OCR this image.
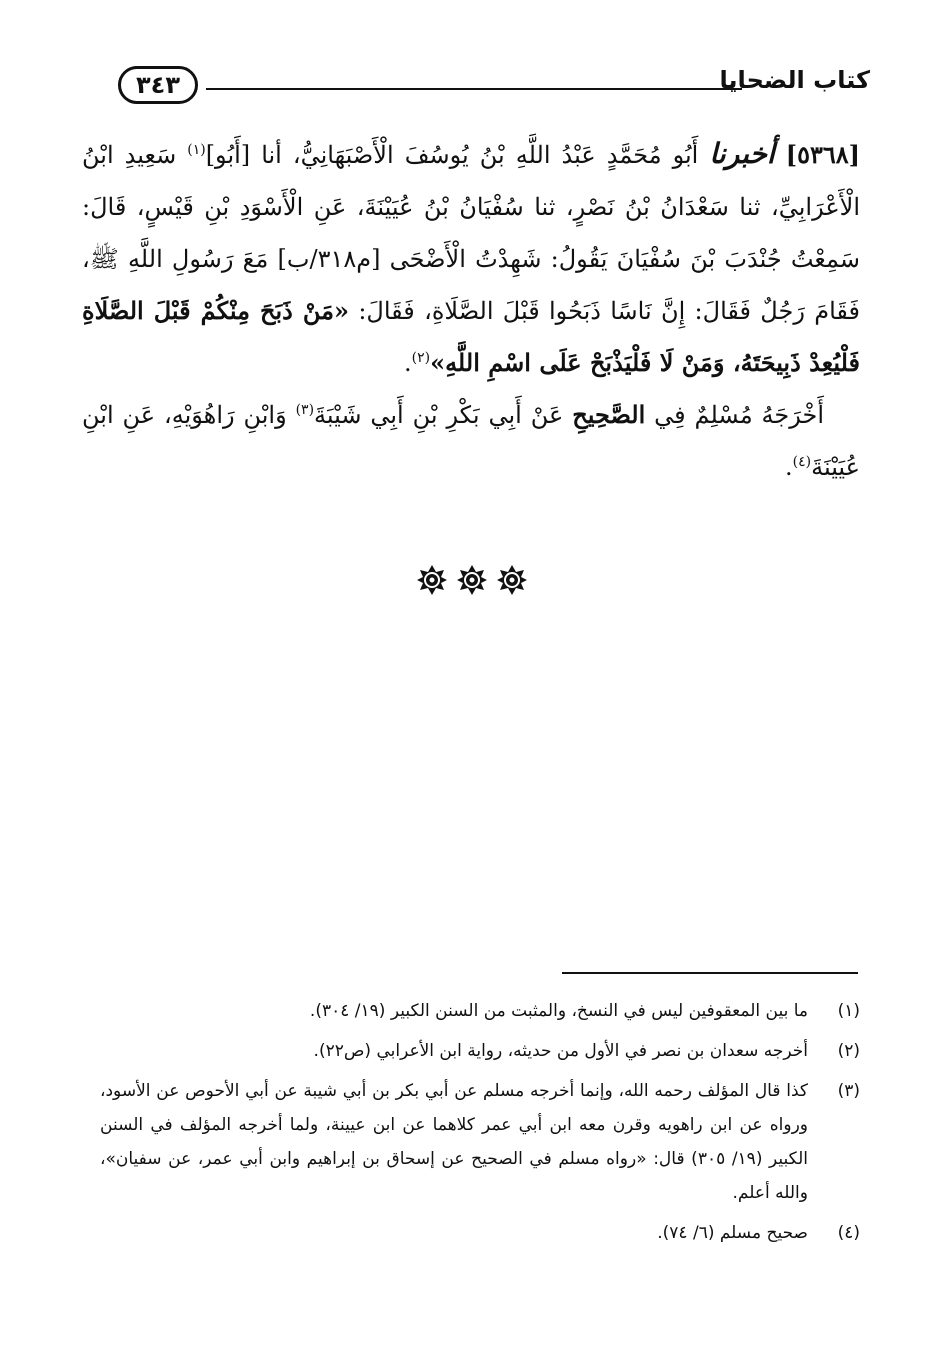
٣٤٣	كتاب الضحايا

[٥٣٦٨] أخبرنا أَبُو مُحَمَّدٍ عَبْدُ اللَّهِ بْنُ يُوسُفَ الْأَصْبَهَانِيُّ، أنا [أَبُو]$^{(١)}$ سَعِيدِ ابْنُ الْأَعْرَابِيِّ، ثنا سَعْدَانُ بْنُ نَصْرٍ، ثنا سُفْيَانُ بْنُ عُيَيْنَةَ، عَنِ الْأَسْوَدِ بْنِ قَيْسٍ، قَالَ: سَمِعْتُ جُنْدَبَ بْنَ سُفْيَانَ يَقُولُ: شَهِدْتُ الْأَضْحَى [م٣١٨/ب] مَعَ رَسُولِ اللَّهِ ﷺ، فَقَامَ رَجُلٌ فَقَالَ: إِنَّ نَاسًا ذَبَحُوا قَبْلَ الصَّلَاةِ، فَقَالَ: «مَنْ ذَبَحَ مِنْكُمْ قَبْلَ الصَّلَاةِ فَلْيُعِدْ ذَبِيحَتَهُ، وَمَنْ لَا فَلْيَذْبَحْ عَلَى اسْمِ اللَّهِ»$^{(٢)}$.

أَخْرَجَهُ مُسْلِمٌ فِي الصَّحِيحِ عَنْ أَبِي بَكْرِ بْنِ أَبِي شَيْبَةَ$^{(٣)}$ وَابْنِ رَاهُوَيْهِ، عَنِ ابْنِ عُيَيْنَةَ$^{(٤)}$.

(١)
ما بين المعقوفين ليس في النسخ، والمثبت من السنن الكبير (١٩/ ٣٠٤).
(٢)
أخرجه سعدان بن نصر في الأول من حديثه، رواية ابن الأعرابي (ص٢٢).
(٣)
كذا قال المؤلف رحمه الله، وإنما أخرجه مسلم عن أبي بكر بن أبي شيبة عن أبي الأحوص عن الأسود، ورواه عن ابن راهويه وقرن معه ابن أبي عمر كلاهما عن ابن عيينة، ولما أخرجه المؤلف في السنن الكبير (١٩/ ٣٠٥) قال: «رواه مسلم في الصحيح عن إسحاق بن إبراهيم وابن أبي عمر، عن سفيان»، والله أعلم.
(٤)
صحيح مسلم (٦/ ٧٤).
